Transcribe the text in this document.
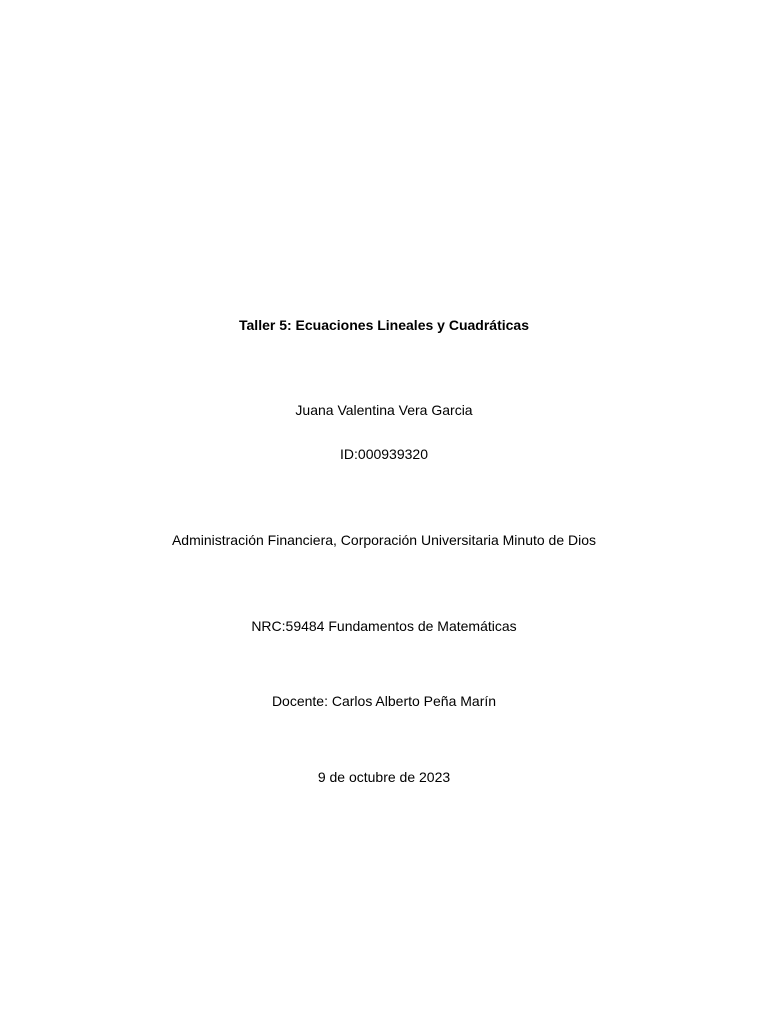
Taller 5: Ecuaciones Lineales y Cuadráticas
Juana Valentina Vera Garcia
ID:000939320
Administración Financiera, Corporación Universitaria Minuto de Dios
NRC:59484 Fundamentos de Matemáticas
Docente: Carlos Alberto Peña Marín
9 de octubre de 2023
